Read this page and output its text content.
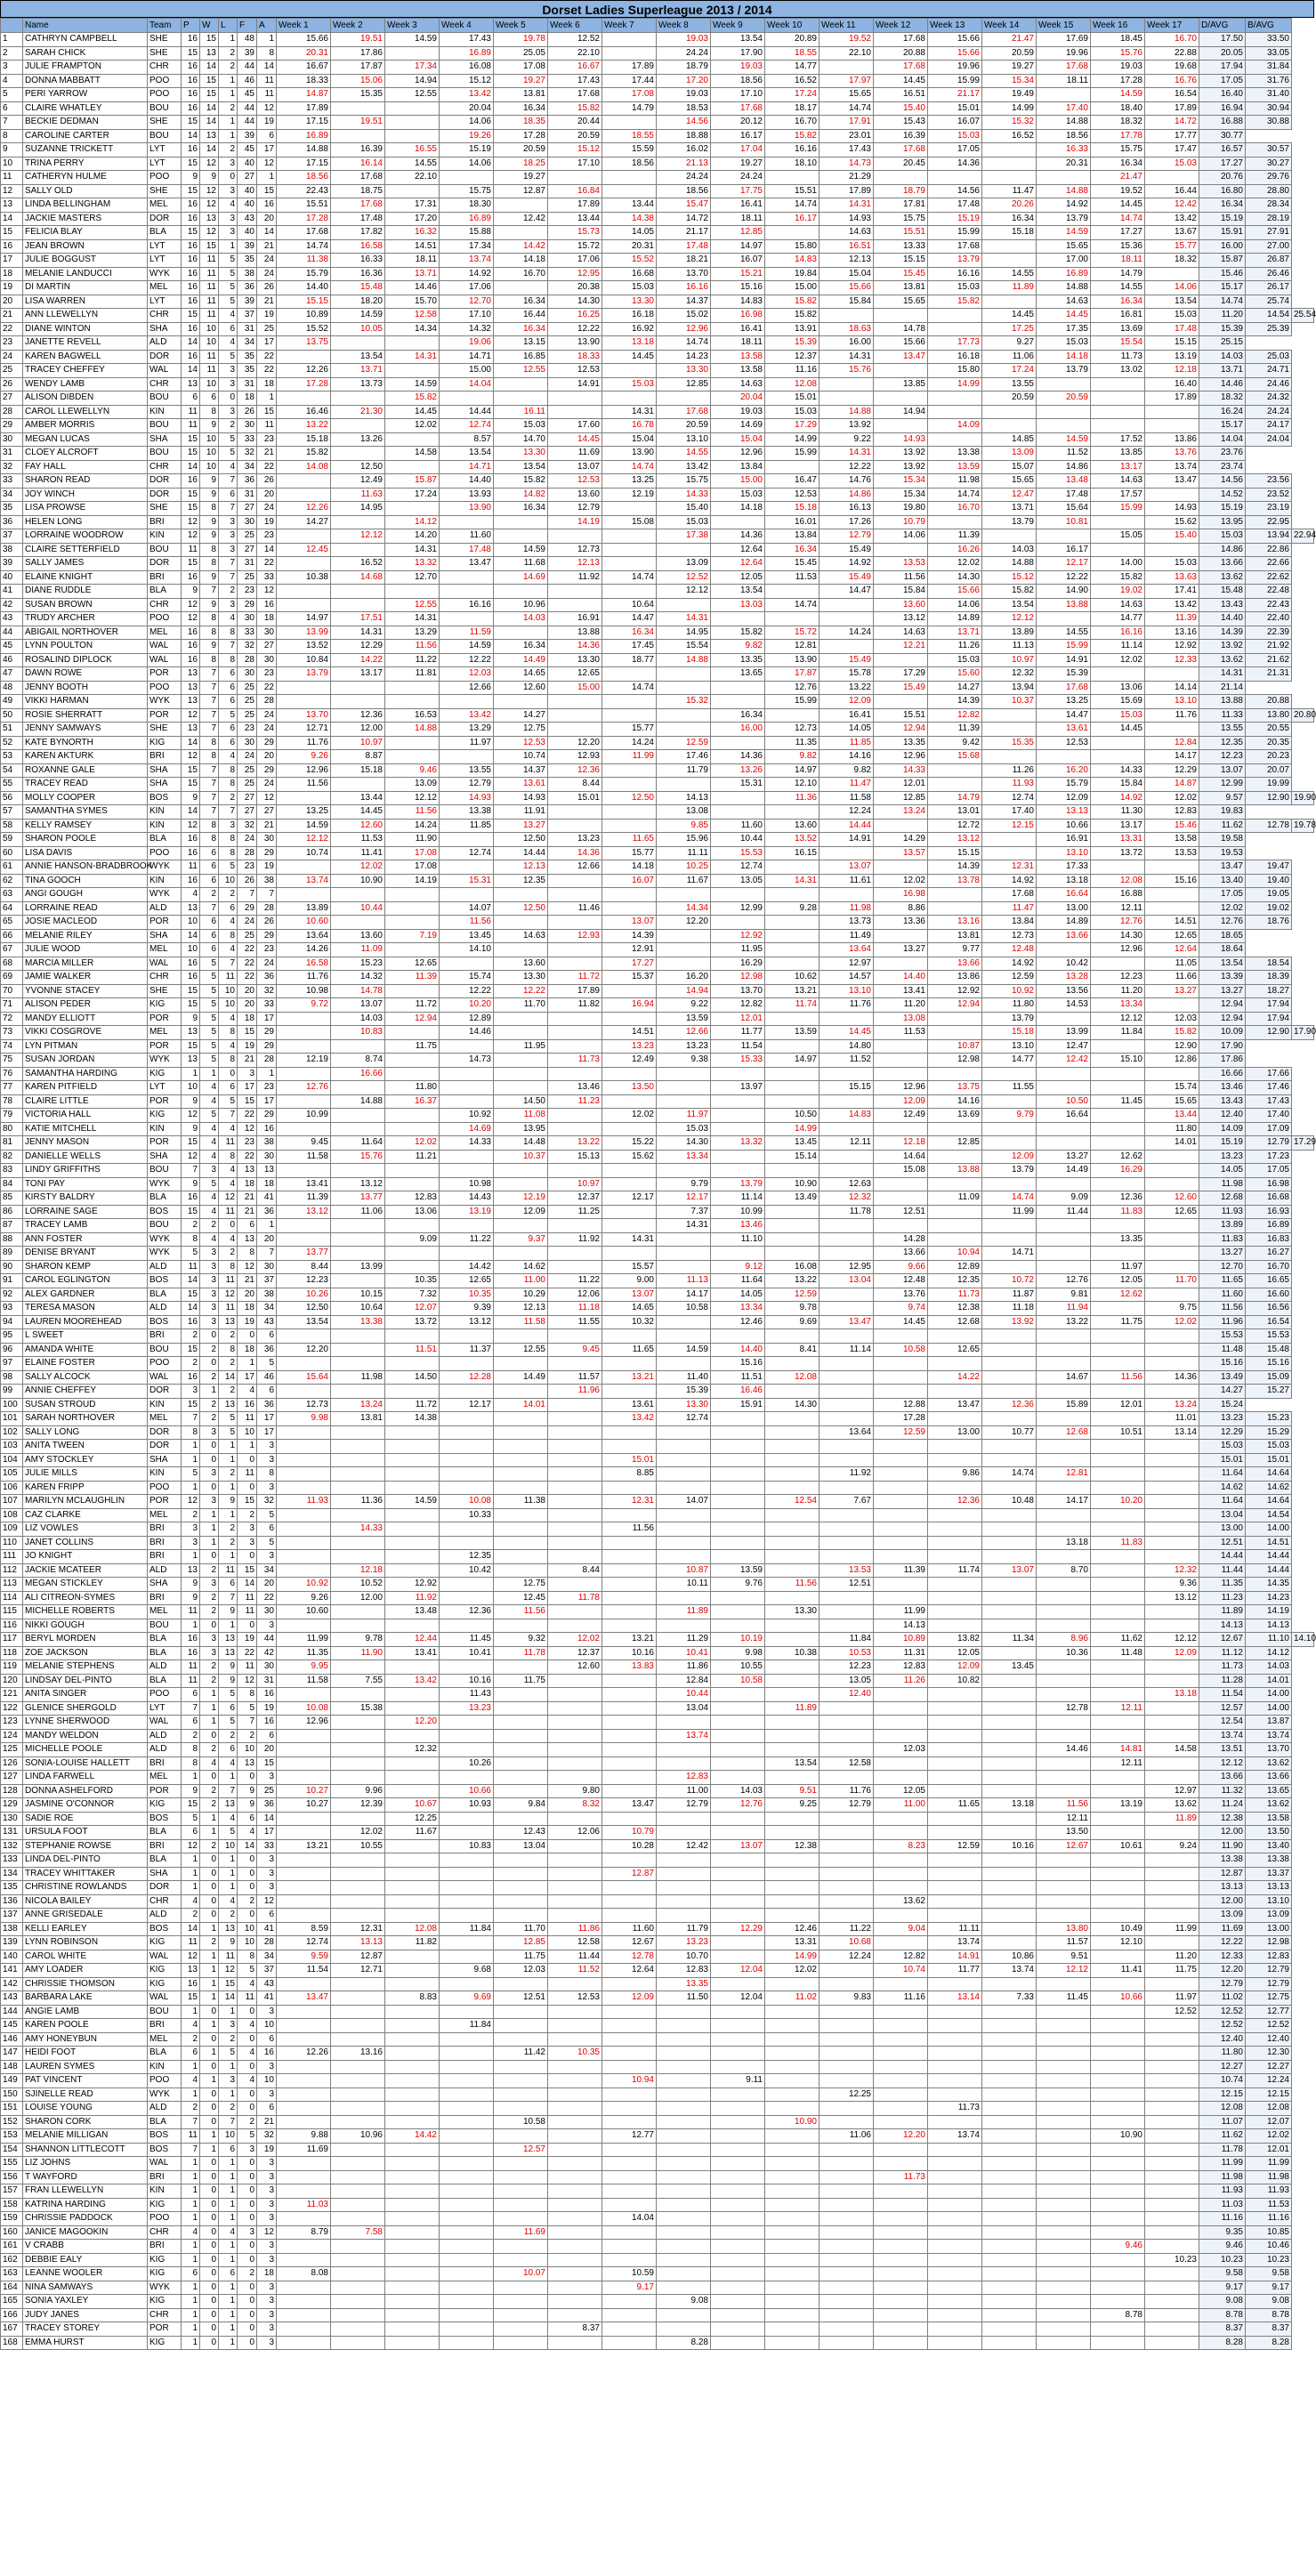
Dorset Ladies Superleague 2013 / 2014
	Name	Team	P	W	L	F	A	Week 1	Week 2	Week 3	Week 4	Week 5	Week 6	Week 7	Week 8	Week 9	Week 10	Week 11	Week 12	Week 13	Week 14	Week 15	Week 16	Week 17	D/AVG	B/AVG	
1	CATHRYN CAMPBELL	SHE	16	15	1	48	1	15.66	19.51	14.59	17.43	19.78	12.52		19.03	13.54	20.89	19.52	17.68	15.66	21.47	17.69	18.45	16.70	17.50	33.50	
2	SARAH CHICK	SHE	15	13	2	39	8	20.31	17.86		16.89	25.05	22.10		24.24	17.90	18.55	22.10	20.88	15.66	20.59	19.96	15.76	22.88	20.05	33.05	
3	JULIE FRAMPTON	CHR	16	14	2	44	14	16.67	17.87	17.34	16.08	17.08	16.67	17.89	18.79	19.03	14.77		17.68	19.96	19.27	17.68	19.03	19.68	17.94	31.84	
4	DONNA MABBATT	POO	16	15	1	46	11	18.33	15.06	14.94	15.12	19.27	17.43	17.44	17.20	18.56	16.52	17.97	14.45	15.99	15.34	18.11	17.28	16.76	17.05	31.76	
5	PERI YARROW	POO	16	15	1	45	11	14.87	15.35	12.55	13.42	13.81	17.68	17.08	19.03	17.10	17.24	15.65	16.51	21.17	19.49		14.59	16.54	16.40	31.40	
6	CLAIRE WHATLEY	BOU	16	14	2	44	12	17.89			20.04	16.34	15.82	14.79	18.53	17.68	18.17	14.74	15.40	15.01	14.99	17.40	18.40	17.89	16.94	30.94	
7	BECKIE DEDMAN	SHE	15	14	1	44	19	17.15	19.51		14.06	18.35	20.44		14.56	20.12	16.70	17.91	15.43	16.07	15.32	14.88	18.32	14.72	16.88	30.88	
8	CAROLINE CARTER	BOU	14	13	1	39	6	16.89			19.26	17.28	20.59	18.55	18.88	16.17	15.82	23.01	16.39	15.03	16.52	18.56	17.78	17.77	30.77		
9	SUZANNE TRICKETT	LYT	16	14	2	45	17	14.88	16.39	16.55	15.19	20.59	15.12	15.59	16.02	17.04	16.16	17.43	17.68	17.05		16.33	15.75	17.47	16.57	30.57	
10	TRINA PERRY	LYT	15	12	3	40	12	17.15	16.14	14.55	14.06	18.25	17.10	18.56	21.13	19.27	18.10	14.73	20.45	14.36		20.31	16.34	15.03	17.27	30.27	
11	CATHERYN HULME	POO	9	9	0	27	1	18.56	17.68	22.10		19.27			24.24	24.24		21.29					21.47		20.76	29.76	
12	SALLY OLD	SHE	15	12	3	40	15	22.43	18.75		15.75	12.87	16.84		18.56	17.75	15.51	17.89	18.79	14.56	11.47	14.88	19.52	16.44	16.80	28.80	
13	LINDA BELLINGHAM	MEL	16	12	4	40	16	15.51	17.68	17.31	18.30		17.89	13.44	15.47	16.41	14.74	14.31	17.81	17.48	20.26	14.92	14.45	12.42	16.34	28.34	
14	JACKIE MASTERS	DOR	16	13	3	43	20	17.28	17.48	17.20	16.89	12.42	13.44	14.38	14.72	18.11	16.17	14.93	15.75	15.19	16.34	13.79	14.74	13.42	15.19	28.19	
15	FELICIA BLAY	BLA	15	12	3	40	14	17.68	17.82	16.32	15.88		15.73	14.05	21.17	12.85		14.63	15.51	15.99	15.18	14.59	17.27	13.67	15.91	27.91	
16	JEAN BROWN	LYT	16	15	1	39	21	14.74	16.58	14.51	17.34	14.42	15.72	20.31	17.48	14.97	15.80	16.51	13.33	17.68		15.65	15.36	15.77	16.00	27.00	
17	JULIE BOGGUST	LYT	16	11	5	35	24	11.38	16.33	18.11	13.74	14.18	17.06	15.52	18.21	16.07	14.83	12.13	15.15	13.79		17.00	18.11	18.32	15.87	26.87	
18	MELANIE LANDUCCI	WYK	16	11	5	38	24	15.79	16.36	13.71	14.92	16.70	12.95	16.68	13.70	15.21	19.84	15.04	15.45	16.16	14.55	16.89	14.79		15.46	26.46	
19	DI MARTIN	MEL	16	11	5	36	26	14.40	15.48	14.46	17.06		20.38	15.03	16.16	15.16	15.00	15.66	13.81	15.03	11.89	14.88	14.55	14.06	15.17	26.17	
20	LISA WARREN	LYT	16	11	5	39	21	15.15	18.20	15.70	12.70	16.34	14.30	13.30	14.37	14.83	15.82	15.84	15.65	15.82		14.63	16.34	13.54	14.74	25.74	
21	ANN LLEWELLYN	CHR	15	11	4	37	19	10.89	14.59	12.58	17.10	16.44	16.25	16.18	15.02	16.98	15.82				14.45	14.45	16.81	15.03	11.20	14.54	25.54
22	DIANE WINTON	SHA	16	10	6	31	25	15.52	10.05	14.34	14.32	16.34	12.22	16.92	12.96	16.41	13.91	18.63	14.78		17.25	17.35	13.69	17.48	15.39	25.39	
23	JANETTE REVELL	ALD	14	10	4	34	17	13.75			19.06	13.15	13.90	13.18	14.74	18.11	15.39	16.00	15.66	17.73	9.27	15.03	15.54	15.15	25.15		
24	KAREN BAGWELL	DOR	16	11	5	35	22		13.54	14.31	14.71	16.85	18.33	14.45	14.23	13.58	12.37	14.31	13.47	16.18	11.06	14.18	11.73	13.19	14.03	25.03	
25	TRACEY CHEFFEY	WAL	14	11	3	35	22	12.26	13.71		15.00	12.55	12.53		13.30	13.58	11.16	15.76		15.80	17.24	13.79	13.02	12.18	13.71	24.71	
26	WENDY LAMB	CHR	13	10	3	31	18	17.28	13.73	14.59	14.04		14.91	15.03	12.85	14.63	12.08		13.85	14.99	13.55			16.40	14.46	24.46	
27	ALISON DIBDEN	BOU	6	6	0	18	1			15.82						20.04	15.01				20.59	20.59		17.89	18.32	24.32	
28	CAROL LLEWELLYN	KIN	11	8	3	26	15	16.46	21.30	14.45	14.44	16.11		14.31	17.68	19.03	15.03	14.88	14.94						16.24	24.24	
29	AMBER MORRIS	BOU	11	9	2	30	11	13.22		12.02	12.74	15.03	17.60	16.78	20.59	14.69	17.29	13.92		14.09					15.17	24.17	
30	MEGAN LUCAS	SHA	15	10	5	33	23	15.18	13.26		8.57	14.70	14.45	15.04	13.10	15.04	14.99	9.22	14.93		14.85	14.59	17.52	13.86	14.04	24.04	
31	CLOEY ALCROFT	BOU	15	10	5	32	21	15.82		14.58	13.54	13.30	11.69	13.90	14.55	12.96	15.99	14.31	13.92	13.38	13.09	11.52	13.85	13.76	23.76		
32	FAY HALL	CHR	14	10	4	34	22	14.08	12.50		14.71	13.54	13.07	14.74	13.42	13.84		12.22	13.92	13.59	15.07	14.86	13.17	13.74	23.74		
33	SHARON READ	DOR	16	9	7	36	26		12.49	15.87	14.40	15.82	12.53	13.25	15.75	15.00	16.47	14.76	15.34	11.98	15.65	13.48	14.63	13.47	14.56	23.56	
34	JOY WINCH	DOR	15	9	6	31	20		11.63	17.24	13.93	14.82	13.60	12.19	14.33	15.03	12.53	14.86	15.34	14.74	12.47	17.48	17.57		14.52	23.52	
35	LISA PROWSE	SHE	15	8	7	27	24	12.26	14.95		13.90	16.34	12.79		15.40	14.18	15.18	16.13	19.80	16.70	13.71	15.64	15.99	14.93	15.19	23.19	
36	HELEN LONG	BRI	12	9	3	30	19	14.27		14.12			14.19	15.08	15.03		16.01	17.26	10.79		13.79	10.81		15.62	13.95	22.95	
37	LORRAINE WOODROW	KIN	12	9	3	25	23		12.12	14.20	11.60				17.38	14.36	13.84	12.79	14.06	11.39			15.05	15.40	15.03	13.94	22.94
38	CLAIRE SETTERFIELD	BOU	11	8	3	27	14	12.45		14.31	17.48	14.59	12.73			12.64	16.34	15.49		16.26	14.03	16.17			14.86	22.86	
39	SALLY JAMES	DOR	15	8	7	31	22		16.52	13.32	13.47	11.68	12.13		13.09	12.64	15.45	14.92	13.53	12.02	14.88	12.17	14.00	15.03	13.66	22.66	
40	ELAINE KNIGHT	BRI	16	9	7	25	33	10.38	14.68	12.70		14.69	11.92	14.74	12.52	12.05	11.53	15.49	11.56	14.30	15.12	12.22	15.82	13.63	13.62	22.62	
41	DIANE RUDDLE	BLA	9	7	2	23	12								12.12	13.54		14.47	15.84	15.66	15.82	14.90	19.02	17.41	15.48	22.48	
42	SUSAN BROWN	CHR	12	9	3	29	16			12.55	16.16	10.96		10.64		13.03	14.74		13.60	14.06	13.54	13.88	14.63	13.42	13.43	22.43	
43	TRUDY ARCHER	POO	12	8	4	30	18	14.97	17.51	14.31		14.03	16.91	14.47	14.31				13.12	14.89	12.12		14.77	11.39	14.40	22.40	
44	ABIGAIL NORTHOVER	MEL	16	8	8	33	30	13.99	14.31	13.29	11.59		13.88	16.34	14.95	15.82	15.72	14.24	14.63	13.71	13.89	14.55	16.16	13.16	14.39	22.39	
45	LYNN POULTON	WAL	16	9	7	32	27	13.52	12.29	11.56	14.59	16.34	14.36	17.45	15.54	9.82	12.81		12.21	11.26	11.13	15.99	11.14	12.92	13.92	21.92	
46	ROSALIND DIPLOCK	WAL	16	8	8	28	30	10.84	14.22	11.22	12.22	14.49	13.30	18.77	14.88	13.35	13.90	15.49		15.03	10.97	14.91	12.02	12.33	13.62	21.62	
47	DAWN ROWE	POR	13	7	6	30	23	13.79	13.17	11.81	12.03	14.65	12.65			13.65	17.87	15.78	17.29	15.60	12.32	15.39			14.31	21.31	
48	JENNY BOOTH	POO	13	7	6	25	22				12.66	12.60	15.00	14.74			12.76	13.22	15.49	14.27	13.94	17.68	13.06	14.14	21.14		
49	VIKKI HARMAN	WYK	13	7	6	25	28								15.32		15.99	12.09		14.39	10.37	13.25	15.69	13.10	13.88	20.88	
50	ROSIE SHERRATT	POR	12	7	5	25	24	13.70	12.36	16.53	13.42	14.27				16.34		16.41	15.51	12.82		14.47	15.03	11.76	11.33	13.80	20.80
51	JENNY SAMWAYS	SHE	13	7	6	23	24	12.71	12.00	14.88	13.29	12.75		15.77		16.00	12.73	14.05	12.94	11.39		13.61	14.45		13.55	20.55	
52	KATE BYNORTH	KIG	14	8	6	30	29	11.76	10.97		11.97	12.53	12.20	14.24	12.59		11.35	11.85	13.35	9.42	15.35	12.53		12.84	12.35	20.35	
53	KAREN AKTURK	BRI	12	8	4	24	20	9.26	8.87			10.74	12.93	11.99	17.46	14.36	9.82	14.16	12.96	15.68				14.17	12.23	20.23	
54	ROXANNE GALE	SHA	15	7	8	25	29	12.96	15.18	9.46	13.55	14.37	12.36		11.79	13.26	14.97	9.82	14.33		11.26	16.20	14.33	12.29	13.07	20.07	
55	TRACEY READ	SHA	15	7	8	25	24	11.56		13.09	12.79	13.61	8.44			15.31	12.10	11.47	12.01		11.93	15.79	15.84	14.87	12.99	19.99	
56	MOLLY COOPER	BOS	9	7	2	27	12		13.44	12.12	14.93	14.93	15.01	12.50	14.13		11.36	11.58	12.85	14.79	12.74	12.09	14.92	12.02	9.57	12.90	19.90
57	SAMANTHA SYMES	KIN	14	7	7	27	27	13.25	14.45	11.56	13.38	11.91			13.08			12.24	13.24	13.01	17.40	13.13	11.30	12.83	19.83		
58	KELLY RAMSEY	KIN	12	8	3	32	21	14.59	12.60	14.24	11.85	13.27			9.85	11.60	13.60	14.44		12.72	12.15	10.66	13.17	15.46	11.62	12.78	19.78
59	SHARON POOLE	BLA	16	8	8	24	30	12.12	11.53	11.90		12.50	13.23	11.65	15.96	10.44	13.52	14.91	14.29	13.12		16.91	13.31	13.58	19.58		
60	LISA DAVIS	POO	16	6	8	28	29	10.74	11.41	17.08	12.74	14.44	14.36	15.77	11.11	15.53	16.15		13.57	15.15		13.10	13.72	13.53	19.53		
61	ANNIE HANSON-BRADBROOK	WYK	11	6	5	23	19		12.02	17.08		12.13	12.66	14.18	10.25	12.74		13.07		14.39	12.31	17.33			13.47	19.47	
62	TINA GOOCH	KIN	16	6	10	26	38	13.74	10.90	14.19	15.31	12.35		16.07	11.67	13.05	14.31	11.61	12.02	13.78	14.92	13.18	12.08	15.16	13.40	19.40	
63	ANGI GOUGH	WYK	4	2	2	7	7												16.98		17.68	16.64	16.88		17.05	19.05	
64	LORRAINE READ	ALD	13	7	6	29	28	13.89	10.44		14.07	12.50	11.46		14.34	12.99	9.28	11.98	8.86		11.47	13.00	12.11		12.02	19.02	
65	JOSIE MACLEOD	POR	10	6	4	24	26	10.60			11.56			13.07	12.20			13.73	13.36	13.16	13.84	14.89	12.76	14.51	12.76	18.76	
66	MELANIE RILEY	SHA	14	6	8	25	29	13.64	13.60	7.19	13.45	14.63	12.93	14.39		12.92		11.49		13.81	12.73	13.66	14.30	12.65	18.65		
67	JULIE WOOD	MEL	10	6	4	22	23	14.26	11.09		14.10			12.91		11.95		13.64	13.27	9.77	12.48		12.96	12.64	18.64		
68	MARCIA MILLER	WAL	16	5	7	22	24	16.58	15.23	12.65		13.60		17.27		16.29		12.97		13.66	14.92	10.42		11.05	13.54	18.54	
69	JAMIE WALKER	CHR	16	5	11	22	36	11.76	14.32	11.39	15.74	13.30	11.72	15.37	16.20	12.98	10.62	14.57	14.40	13.86	12.59	13.28	12.23	11.66	13.39	18.39	
70	YVONNE STACEY	SHE	15	5	10	20	32	10.98	14.78		12.22	12.22	17.89		14.94	13.70	13.21	13.10	13.41	12.92	10.92	13.56	11.20	13.27	13.27	18.27	
71	ALISON PEDER	KIG	15	5	10	20	33	9.72	13.07	11.72	10.20	11.70	11.82	16.94	9.22	12.82	11.74	11.76	11.20	12.94	11.80	14.53	13.34		12.94	17.94	
72	MANDY ELLIOTT	POR	9	5	4	18	17		14.03	12.94	12.89				13.59	12.01			13.08		13.79		12.12	12.03	12.94	17.94	
73	VIKKI COSGROVE	MEL	13	5	8	15	29		10.83		14.46			14.51	12.66	11.77	13.59	14.45	11.53		15.18	13.99	11.84	15.82	10.09	12.90	17.90
74	LYN PITMAN	POR	15	5	4	19	29			11.75		11.95		13.23	13.23	11.54		14.80		10.87	13.10	12.47		12.90	17.90		
75	SUSAN JORDAN	WYK	13	5	8	21	28	12.19	8.74		14.73		11.73	12.49	9.38	15.33	14.97	11.52		12.98	14.77	12.42	15.10	12.86	17.86		
76	SAMANTHA HARDING	KIG	1	1	0	3	1		16.66																16.66	17.66	
77	KAREN PITFIELD	LYT	10	4	6	17	23	12.76		11.80			13.46	13.50		13.97		15.15	12.96	13.75	11.55			15.74	13.46	17.46	
78	CLAIRE LITTLE	POR	9	4	5	15	17		14.88	16.37		14.50	11.23						12.09	14.16		10.50	11.45	15.65	13.43	17.43	
79	VICTORIA HALL	KIG	12	5	7	22	29	10.99			10.92	11.08		12.02	11.97		10.50	14.83	12.49	13.69	9.79	16.64		13.44	12.40	17.40	
80	KATIE MITCHELL	KIN	9	4	4	12	16				14.69	13.95			15.03		14.99							11.80	14.09	17.09	
81	JENNY MASON	POR	15	4	11	23	38	9.45	11.64	12.02	14.33	14.48	13.22	15.22	14.30	13.32	13.45	12.11	12.18	12.85				14.01	15.19	12.79	17.29
82	DANIELLE WELLS	SHA	12	4	8	22	30	11.58	15.76	11.21		10.37	15.13	15.62	13.34		15.14		14.64		12.09	13.27	12.62		13.23	17.23	
83	LINDY GRIFFITHS	BOU	7	3	4	13	13												15.08	13.88	13.79	14.49	16.29		14.05	17.05	
84	TONI PAY	WYK	9	5	4	18	18	13.41	13.12		10.98		10.97		9.79	13.79	10.90	12.63							11.98	16.98	
85	KIRSTY BALDRY	BLA	16	4	12	21	41	11.39	13.77	12.83	14.43	12.19	12.37	12.17	12.17	11.14	13.49	12.32		11.09	14.74	9.09	12.36	12.60	12.68	16.68	
86	LORRAINE SAGE	BOS	15	4	11	21	36	13.12	11.06	13.06	13.19	12.09	11.25		7.37	10.99		11.78	12.51		11.99	11.44	11.83	12.65	11.93	16.93	
87	TRACEY LAMB	BOU	2	2	0	6	1								14.31	13.46									13.89	16.89	
88	ANN FOSTER	WYK	8	4	4	13	20			9.09	11.22	9.37	11.92	14.31		11.10			14.28				13.35		11.83	16.83	
89	DENISE BRYANT	WYK	5	3	2	8	7	13.77											13.66	10.94	14.71				13.27	16.27	
90	SHARON KEMP	ALD	11	3	8	12	30	8.44	13.99		14.42	14.62		15.57		9.12	16.08	12.95	9.66	12.89			11.97		12.70	16.70	
91	CAROL EGLINGTON	BOS	14	3	11	21	37	12.23		10.35	12.65	11.00	11.22	9.00	11.13	11.64	13.22	13.04	12.48	12.35	10.72	12.76	12.05	11.70	11.65	16.65	
92	ALEX GARDNER	BLA	15	3	12	20	38	10.26	10.15	7.32	10.35	10.29	12.06	13.07	14.17	14.05	12.59		13.76	11.73	11.87	9.81	12.62		11.60	16.60	
93	TERESA MASON	ALD	14	3	11	18	34	12.50	10.64	12.07	9.39	12.13	11.18	14.65	10.58	13.34	9.78		9.74	12.38	11.18	11.94		9.75	11.56	16.56	
94	LAUREN MOOREHEAD	BOS	16	3	13	19	43	13.54	13.38	13.72	13.12	11.58	11.55	10.32		12.46	9.69	13.47	14.45	12.68	13.92	13.22	11.75	12.02	11.96	16.54	
95	L SWEET	BRI	2	0	2	0	6																		15.53	15.53	
96	AMANDA WHITE	BOU	15	2	8	18	36	12.20		11.51	11.37	12.55	9.45	11.65	14.59	14.40	8.41	11.14	10.58	12.65					11.48	15.48	
97	ELAINE FOSTER	POO	2	0	2	1	5									15.16									15.16	15.16	
98	SALLY ALCOCK	WAL	16	2	14	17	46	15.64	11.98	14.50	12.28	14.49	11.57	13.21	11.40	11.51	12.08			14.22		14.67	11.56	14.36	13.49	15.09	
99	ANNIE CHEFFEY	DOR	3	1	2	4	6						11.96		15.39	16.46									14.27	15.27	
100	SUSAN STROUD	KIN	15	2	13	16	36	12.73	13.24	11.72	12.17	14.01		13.61	13.30	15.91	14.30		12.88	13.47	12.36	15.89	12.01	13.24	15.24		
101	SARAH NORTHOVER	MEL	7	2	5	11	17	9.98	13.81	14.38				13.42	12.74				17.28					11.01	13.23	15.23	
102	SALLY LONG	DOR	8	3	5	10	17											13.64	12.59	13.00	10.77	12.68	10.51	13.14	12.29	15.29	
103	ANITA TWEEN	DOR	1	0	1	1	3																		15.03	15.03	
104	AMY STOCKLEY	SHA	1	0	1	0	3							15.01											15.01	15.01	
105	JULIE MILLS	KIN	5	3	2	11	8							8.85				11.92		9.86	14.74	12.81			11.64	14.64	
106	KAREN FRIPP	POO	1	0	1	0	3																		14.62	14.62	
107	MARILYN MCLAUGHLIN	POR	12	3	9	15	32	11.93	11.36	14.59	10.08	11.38		12.31	14.07		12.54	7.67		12.36	10.48	14.17	10.20		11.64	14.64	
108	CAZ CLARKE	MEL	2	1	1	2	5				10.33														13.04	14.54	
109	LIZ VOWLES	BRI	3	1	2	3	6		14.33					11.56											13.00	14.00	
110	JANET COLLINS	BRI	3	1	2	3	5															13.18	11.83		12.51	14.51	
111	JO KNIGHT	BRI	1	0	1	0	3				12.35														14.44	14.44	
112	JACKIE MCATEER	ALD	13	2	11	15	34		12.18		10.42		8.44		10.87	13.59		13.53	11.39	11.74	13.07	8.70		12.32	11.44	14.44	
113	MEGAN STICKLEY	SHA	9	3	6	14	20	10.92	10.52	12.92		12.75			10.11	9.76	11.56	12.51						9.36	11.35	14.35	
114	ALI CITREON-SYMES	BRI	9	2	7	11	22	9.26	12.00	11.92		12.45	11.78											13.12	11.23	14.23	
115	MICHELLE ROBERTS	MEL	11	2	9	11	30	10.60		13.48	12.36	11.56			11.89		13.30		11.99						11.89	14.19	
116	NIKKI GOUGH	BOU	1	0	1	0	3												14.13						14.13	14.13	
117	BERYL MORDEN	BLA	16	3	13	19	44	11.99	9.78	12.44	11.45	9.32	12.02	13.21	11.29	10.19		11.84	10.89	13.82	11.34	8.96	11.62	12.12	12.67	11.10	14.10
118	ZOE JACKSON	BLA	16	3	13	22	42	11.35	11.90	13.41	10.41	11.78	12.37	10.16	10.41	9.98	10.38	10.53	11.31	12.05		10.36	11.48	12.09	11.12	14.12	
119	MELANIE STEPHENS	ALD	11	2	9	11	30	9.95					12.60	13.83	11.86	10.55		12.23	12.83	12.09	13.45				11.73	14.03	
120	LINDSAY DEL-PINTO	BLA	11	2	9	12	31	11.58	7.55	13.42	10.16	11.75			12.84	10.58		13.05	11.26	10.82					11.28	14.01	
121	ANITA SINGER	POO	6	1	5	8	16				11.43				10.44			12.40						13.18	11.54	14.00	
122	GLENICE SHERGOLD	LYT	7	1	6	5	19	10.08	15.38		13.23				13.04		11.89					12.78	12.11		12.57	14.00	
123	LYNNE SHERWOOD	WAL	6	1	5	7	16	12.96		12.20															12.54	13.87	
124	MANDY WELDON	ALD	2	0	2	2	6								13.74										13.74	13.74	
125	MICHELLE POOLE	ALD	8	2	6	10	20			12.32									12.03			14.46	14.81	14.58	13.51	13.70	
126	SONIA-LOUISE HALLETT	BRI	8	4	4	13	15				10.26						13.54	12.58					12.11		12.12	13.62	
127	LINDA FARWELL	MEL	1	0	1	0	3								12.83										13.66	13.66	
128	DONNA ASHELFORD	POR	9	2	7	9	25	10.27	9.96		10.66		9.80		11.00	14.03	9.51	11.76	12.05					12.97	11.32	13.65	
129	JASMINE O'CONNOR	KIG	15	2	13	9	36	10.27	12.39	10.67	10.93	9.84	8.32	13.47	12.79	12.76	9.25	12.79	11.00	11.65	13.18	11.56	13.19	13.62	11.24	13.62	
130	SADIE ROE	BOS	5	1	4	6	14			12.25												12.11		11.89	12.38	13.58	
131	URSULA FOOT	BLA	6	1	5	4	17		12.02	11.67		12.43	12.06	10.79								13.50			12.00	13.50	
132	STEPHANIE ROWSE	BRI	12	2	10	14	33	13.21	10.55		10.83	13.04		10.28	12.42	13.07	12.38		8.23	12.59	10.16	12.67	10.61	9.24	11.90	13.40	
133	LINDA DEL-PINTO	BLA	1	0	1	0	3																		13.38	13.38	
134	TRACEY WHITTAKER	SHA	1	0	1	0	3							12.87											12.87	13.37	
135	CHRISTINE ROWLANDS	DOR	1	0	1	0	3																		13.13	13.13	
136	NICOLA BAILEY	CHR	4	0	4	2	12												13.62						12.00	13.10	
137	ANNE GRISEDALE	ALD	2	0	2	0	6																		13.09	13.09	
138	KELLI EARLEY	BOS	14	1	13	10	41	8.59	12.31	12.08	11.84	11.70	11.86	11.60	11.79	12.29	12.46	11.22	9.04	11.11		13.80	10.49	11.99	11.69	13.00	
139	LYNN ROBINSON	KIG	11	2	9	10	28	12.74	13.13	11.82		12.85	12.58	12.67	13.23		13.31	10.68		13.74		11.57	12.10		12.22	12.98	
140	CAROL WHITE	WAL	12	1	11	8	34	9.59	12.87			11.75	11.44	12.78	10.70		14.99	12.24	12.82	14.91	10.86	9.51		11.20	12.33	12.83	
141	AMY LOADER	KIG	13	1	12	5	37	11.54	12.71		9.68	12.03	11.52	12.64	12.83	12.04	12.02		10.74	11.77	13.74	12.12	11.41	11.75	12.20	12.79	
142	CHRISSIE THOMSON	KIG	16	1	15	4	43								13.35										12.79	12.79	
143	BARBARA LAKE	WAL	15	1	14	11	41	13.47		8.83	9.69	12.51	12.53	12.09	11.50	12.04	11.02	9.83	11.16	13.14	7.33	11.45	10.66	11.97	11.02	12.75	
144	ANGIE LAMB	BOU	1	0	1	0	3																	12.52	12.52	12.77	
145	KAREN POOLE	BRI	4	1	3	4	10				11.84														12.52	12.52	
146	AMY HONEYBUN	MEL	2	0	2	0	6																		12.40	12.40	
147	HEIDI FOOT	BLA	6	1	5	4	16	12.26	13.16			11.42	10.35												11.80	12.30	
148	LAUREN SYMES	KIN	1	0	1	0	3																		12.27	12.27	
149	PAT VINCENT	POO	4	1	3	4	10							10.94		9.11									10.74	12.24	
150	SJINELLE READ	WYK	1	0	1	0	3											12.25							12.15	12.15	
151	LOUISE YOUNG	ALD	2	0	2	0	6													11.73					12.08	12.08	
152	SHARON CORK	BLA	7	0	7	2	21					10.58					10.90								11.07	12.07	
153	MELANIE MILLIGAN	BOS	11	1	10	5	32	9.88	10.96	14.42				12.77				11.06	12.20	13.74			10.90		11.62	12.02	
154	SHANNON LITTLECOTT	BOS	7	1	6	3	19	11.69				12.57													11.78	12.01	
155	LIZ JOHNS	WAL	1	0	1	0	3																		11.99	11.99	
156	T WAYFORD	BRI	1	0	1	0	3												11.73						11.98	11.98	
157	FRAN LLEWELLYN	KIN	1	0	1	0	3																		11.93	11.93	
158	KATRINA HARDING	KIG	1	0	1	0	3	11.03																	11.03	11.53	
159	CHRISSIE PADDOCK	POO	1	0	1	0	3							14.04											11.16	11.16	
160	JANICE MAGOOKIN	CHR	4	0	4	3	12	8.79	7.58			11.69													9.35	10.85	
161	V CRABB	BRI	1	0	1	0	3																9.46		9.46	10.46	
162	DEBBIE EALY	KIG	1	0	1	0	3																	10.23	10.23	10.23	
163	LEANNE WOOLER	KIG	6	0	6	2	18	8.08				10.07		10.59											9.58	9.58	
164	NINA SAMWAYS	WYK	1	0	1	0	3							9.17											9.17	9.17	
165	SONIA YAXLEY	KIG	1	0	1	0	3								9.08										9.08	9.08	
166	JUDY JANES	CHR	1	0	1	0	3																8.78		8.78	8.78	
167	TRACEY STOREY	POR	1	0	1	0	3						8.37												8.37	8.37	
168	EMMA HURST	KIG	1	0	1	0	3								8.28										8.28	8.28	
